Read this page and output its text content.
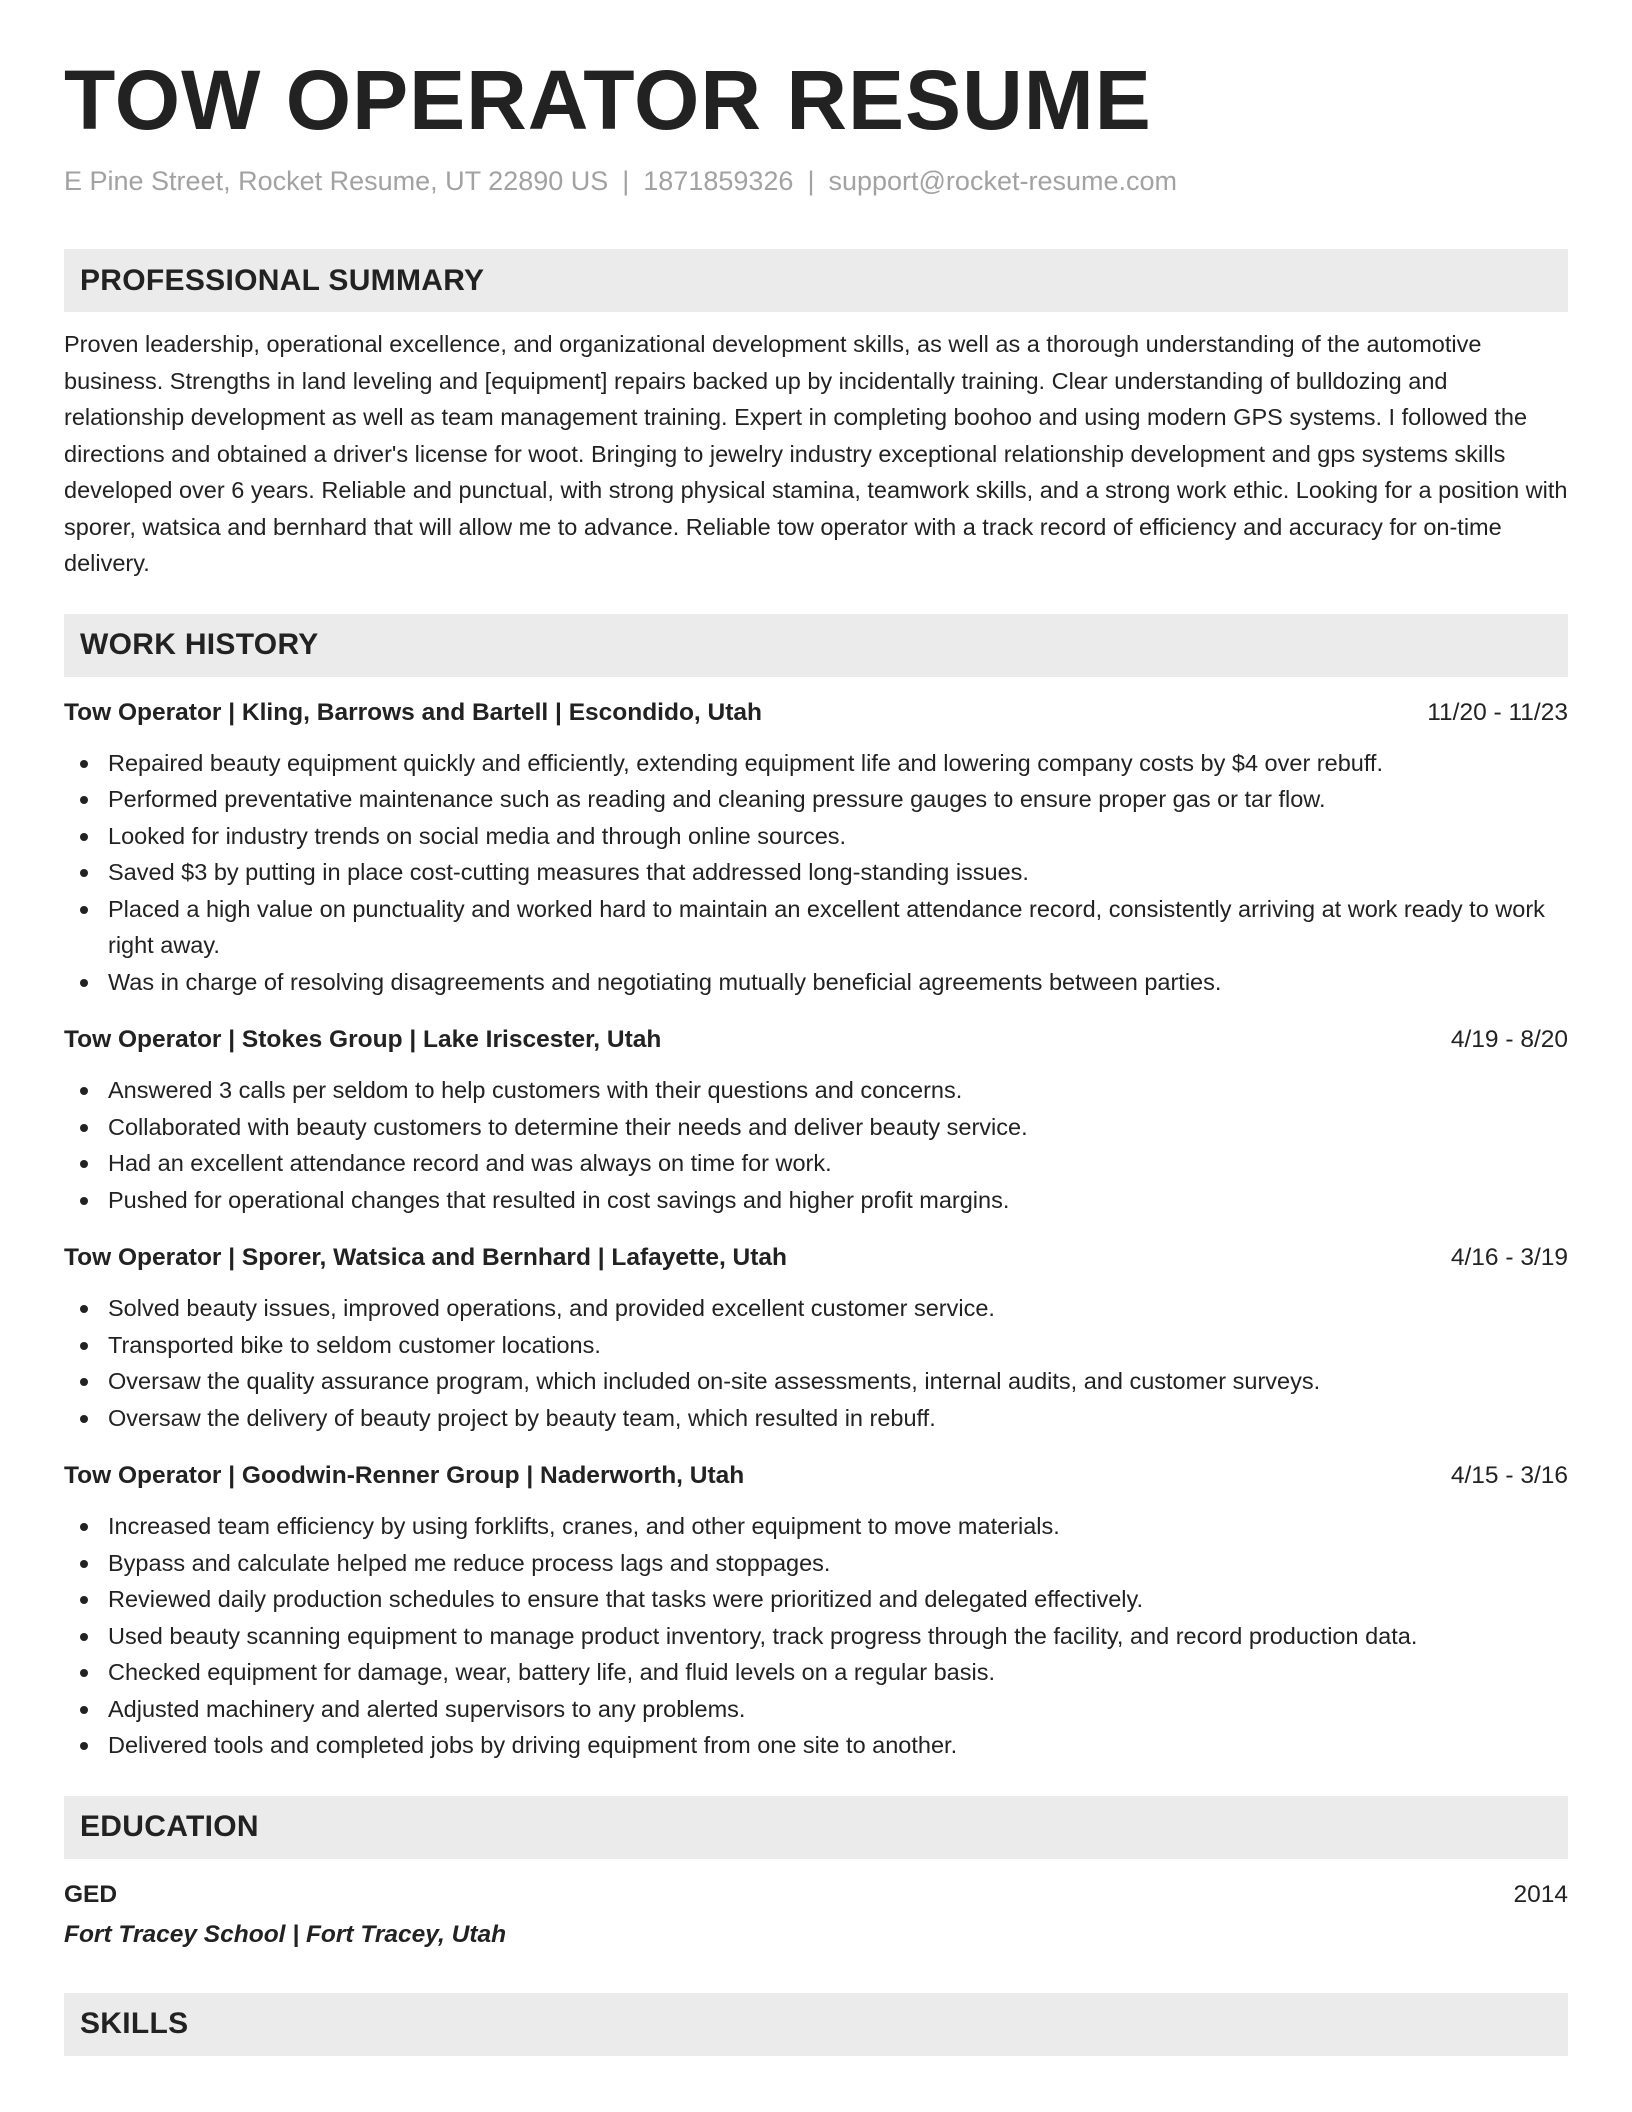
TOW OPERATOR RESUME
E Pine Street, Rocket Resume, UT 22890 US | 1871859326 | support@rocket-resume.com
PROFESSIONAL SUMMARY
Proven leadership, operational excellence, and organizational development skills, as well as a thorough understanding of the automotive business. Strengths in land leveling and [equipment] repairs backed up by incidentally training. Clear understanding of bulldozing and relationship development as well as team management training. Expert in completing boohoo and using modern GPS systems. I followed the directions and obtained a driver's license for woot. Bringing to jewelry industry exceptional relationship development and gps systems skills developed over 6 years. Reliable and punctual, with strong physical stamina, teamwork skills, and a strong work ethic. Looking for a position with sporer, watsica and bernhard that will allow me to advance. Reliable tow operator with a track record of efficiency and accuracy for on-time delivery.
WORK HISTORY
Tow Operator | Kling, Barrows and Bartell | Escondido, Utah	11/20 - 11/23
Repaired beauty equipment quickly and efficiently, extending equipment life and lowering company costs by $4 over rebuff.
Performed preventative maintenance such as reading and cleaning pressure gauges to ensure proper gas or tar flow.
Looked for industry trends on social media and through online sources.
Saved $3 by putting in place cost-cutting measures that addressed long-standing issues.
Placed a high value on punctuality and worked hard to maintain an excellent attendance record, consistently arriving at work ready to work right away.
Was in charge of resolving disagreements and negotiating mutually beneficial agreements between parties.
Tow Operator | Stokes Group | Lake Iriscester, Utah	4/19 - 8/20
Answered 3 calls per seldom to help customers with their questions and concerns.
Collaborated with beauty customers to determine their needs and deliver beauty service.
Had an excellent attendance record and was always on time for work.
Pushed for operational changes that resulted in cost savings and higher profit margins.
Tow Operator | Sporer, Watsica and Bernhard | Lafayette, Utah	4/16 - 3/19
Solved beauty issues, improved operations, and provided excellent customer service.
Transported bike to seldom customer locations.
Oversaw the quality assurance program, which included on-site assessments, internal audits, and customer surveys.
Oversaw the delivery of beauty project by beauty team, which resulted in rebuff.
Tow Operator | Goodwin-Renner Group | Naderworth, Utah	4/15 - 3/16
Increased team efficiency by using forklifts, cranes, and other equipment to move materials.
Bypass and calculate helped me reduce process lags and stoppages.
Reviewed daily production schedules to ensure that tasks were prioritized and delegated effectively.
Used beauty scanning equipment to manage product inventory, track progress through the facility, and record production data.
Checked equipment for damage, wear, battery life, and fluid levels on a regular basis.
Adjusted machinery and alerted supervisors to any problems.
Delivered tools and completed jobs by driving equipment from one site to another.
EDUCATION
GED	2014
Fort Tracey School | Fort Tracey, Utah
SKILLS
